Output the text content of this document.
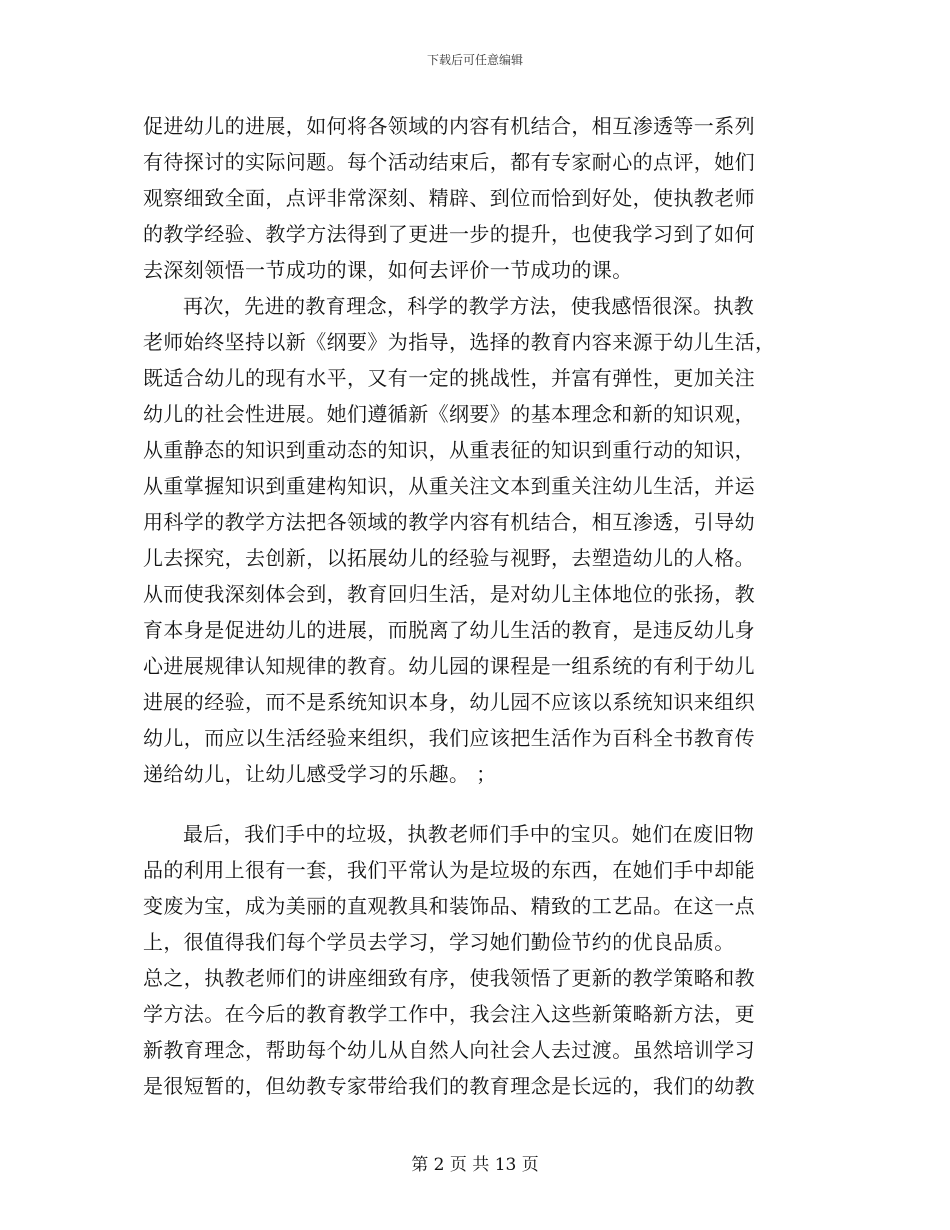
下载后可任意编辑
促进幼儿的进展，如何将各领域的内容有机结合，相互渗透等一系列
有待探讨的实际问题。每个活动结束后，都有专家耐心的点评，她们
观察细致全面，点评非常深刻、精辟、到位而恰到好处，使执教老师
的教学经验、教学方法得到了更进一步的提升，也使我学习到了如何
去深刻领悟一节成功的课，如何去评价一节成功的课。
再次，先进的教育理念，科学的教学方法，使我感悟很深。执教
老师始终坚持以新《纲要》为指导，选择的教育内容来源于幼儿生活，
既适合幼儿的现有水平，又有一定的挑战性，并富有弹性，更加关注
幼儿的社会性进展。她们遵循新《纲要》的基本理念和新的知识观，
从重静态的知识到重动态的知识，从重表征的知识到重行动的知识，
从重掌握知识到重建构知识，从重关注文本到重关注幼儿生活，并运
用科学的教学方法把各领域的教学内容有机结合，相互渗透，引导幼
儿去探究，去创新，以拓展幼儿的经验与视野，去塑造幼儿的人格。
从而使我深刻体会到，教育回归生活，是对幼儿主体地位的张扬，教
育本身是促进幼儿的进展，而脱离了幼儿生活的教育，是违反幼儿身
心进展规律认知规律的教育。幼儿园的课程是一组系统的有利于幼儿
进展的经验，而不是系统知识本身，幼儿园不应该以系统知识来组织
幼儿，而应以生活经验来组织，我们应该把生活作为百科全书教育传
递给幼儿，让幼儿感受学习的乐趣。 ；
最后，我们手中的垃圾，执教老师们手中的宝贝。她们在废旧物
品的利用上很有一套，我们平常认为是垃圾的东西，在她们手中却能
变废为宝，成为美丽的直观教具和装饰品、精致的工艺品。在这一点
上，很值得我们每个学员去学习，学习她们勤俭节约的优良品质。
总之，执教老师们的讲座细致有序，使我领悟了更新的教学策略和教
学方法。在今后的教育教学工作中，我会注入这些新策略新方法，更
新教育理念，帮助每个幼儿从自然人向社会人去过渡。虽然培训学习
是很短暂的，但幼教专家带给我们的教育理念是长远的，我们的幼教
第 2 页 共 13 页
